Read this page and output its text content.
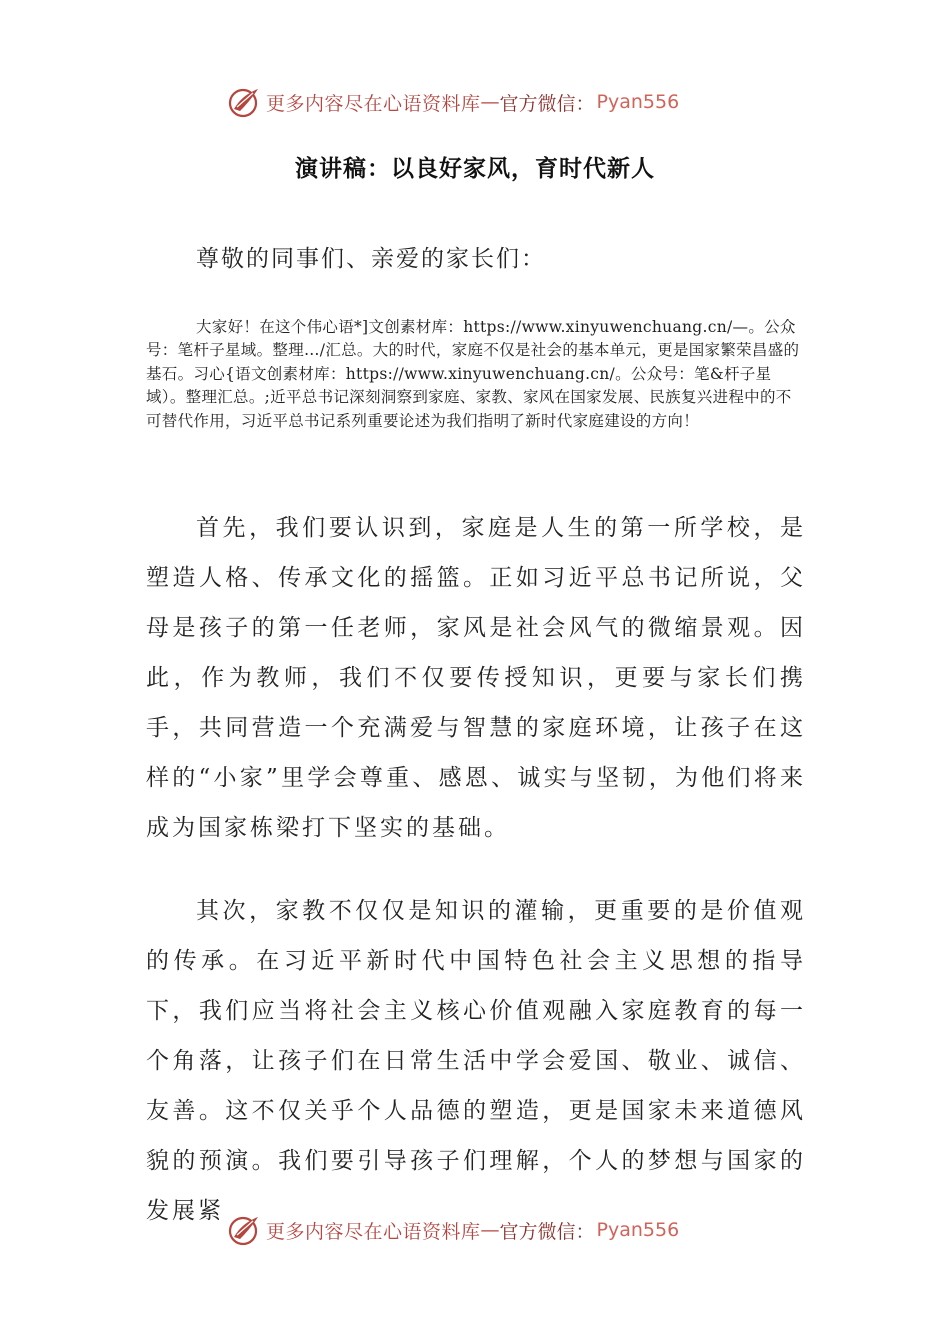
更多内容尽在心语资料库 — 官方微信： Pyan556
演讲稿：以良好家风，育时代新人
尊敬的同事们、亲爱的家长们：

大家好！在这个伟心语*]文创素材库：https://www.xinyuwenchuang.cn/—。公众号：笔杆子星域。整理…/汇总。大的时代，家庭不仅是社会的基本单元，更是国家繁荣昌盛的基石。习心{语文创素材库：https://www.xinyuwenchuang.cn/。公众号：笔&杆子星域）。整理汇总。;近平总书记深刻洞察到家庭、家教、家风在国家发展、民族复兴进程中的不可替代作用，习近平总书记系列重要论述为我们指明了新时代家庭建设的方向！

首先，我们要认识到，家庭是人生的第一所学校，是塑造人格、传承文化的摇篮。正如习近平总书记所说，父母是孩子的第一任老师，家风是社会风气的微缩景观。因此，作为教师，我们不仅要传授知识，更要与家长们携手，共同营造一个充满爱与智慧的家庭环境，让孩子在这样的“小家”里学会尊重、感恩、诚实与坚韧，为他们将来成为国家栋梁打下坚实的基础。

其次，家教不仅仅是知识的灌输，更重要的是价值观的传承。在习近平新时代中国特色社会主义思想的指导下，我们应当将社会主义核心价值观融入家庭教育的每一个角落，让孩子们在日常生活中学会爱国、敬业、诚信、友善。这不仅关乎个人品德的塑造，更是国家未来道德风貌的预演。我们要引导孩子们理解，个人的梦想与国家的发展紧

更多内容尽在心语资料库 — 官方微信： Pyan556
